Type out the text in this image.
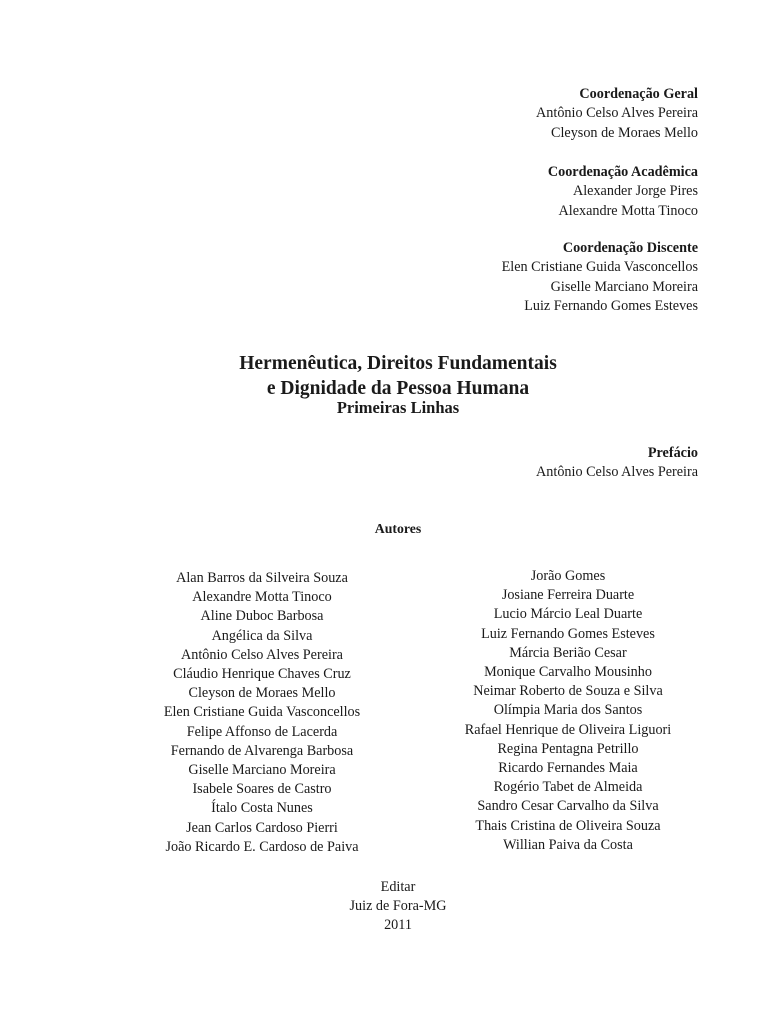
Coordenação Geral
Antônio Celso Alves Pereira
Cleyson de Moraes Mello
Coordenação Acadêmica
Alexander Jorge Pires
Alexandre Motta Tinoco
Coordenação Discente
Elen Cristiane Guida Vasconcellos
Giselle Marciano Moreira
Luiz Fernando Gomes Esteves
Hermenêutica, Direitos Fundamentais
e Dignidade da Pessoa Humana
Primeiras Linhas
Prefácio
Antônio Celso Alves Pereira
Autores
Alan Barros da Silveira Souza
Alexandre Motta Tinoco
Aline Duboc Barbosa
Angélica da Silva
Antônio Celso Alves Pereira
Cláudio Henrique Chaves Cruz
Cleyson de Moraes Mello
Elen Cristiane Guida Vasconcellos
Felipe Affonso de Lacerda
Fernando de Alvarenga Barbosa
Giselle Marciano Moreira
Isabele Soares de Castro
Ítalo Costa Nunes
Jean Carlos Cardoso Pierri
João Ricardo E. Cardoso de Paiva
Jorão Gomes
Josiane Ferreira Duarte
Lucio Márcio Leal Duarte
Luiz Fernando Gomes Esteves
Márcia Berião Cesar
Monique Carvalho Mousinho
Neimar Roberto de Souza e Silva
Olímpia Maria dos Santos
Rafael Henrique de Oliveira Liguori
Regina Pentagna Petrillo
Ricardo Fernandes Maia
Rogério Tabet de Almeida
Sandro Cesar Carvalho da Silva
Thais Cristina de Oliveira Souza
Willian Paiva da Costa
Editar
Juiz de Fora-MG
2011
